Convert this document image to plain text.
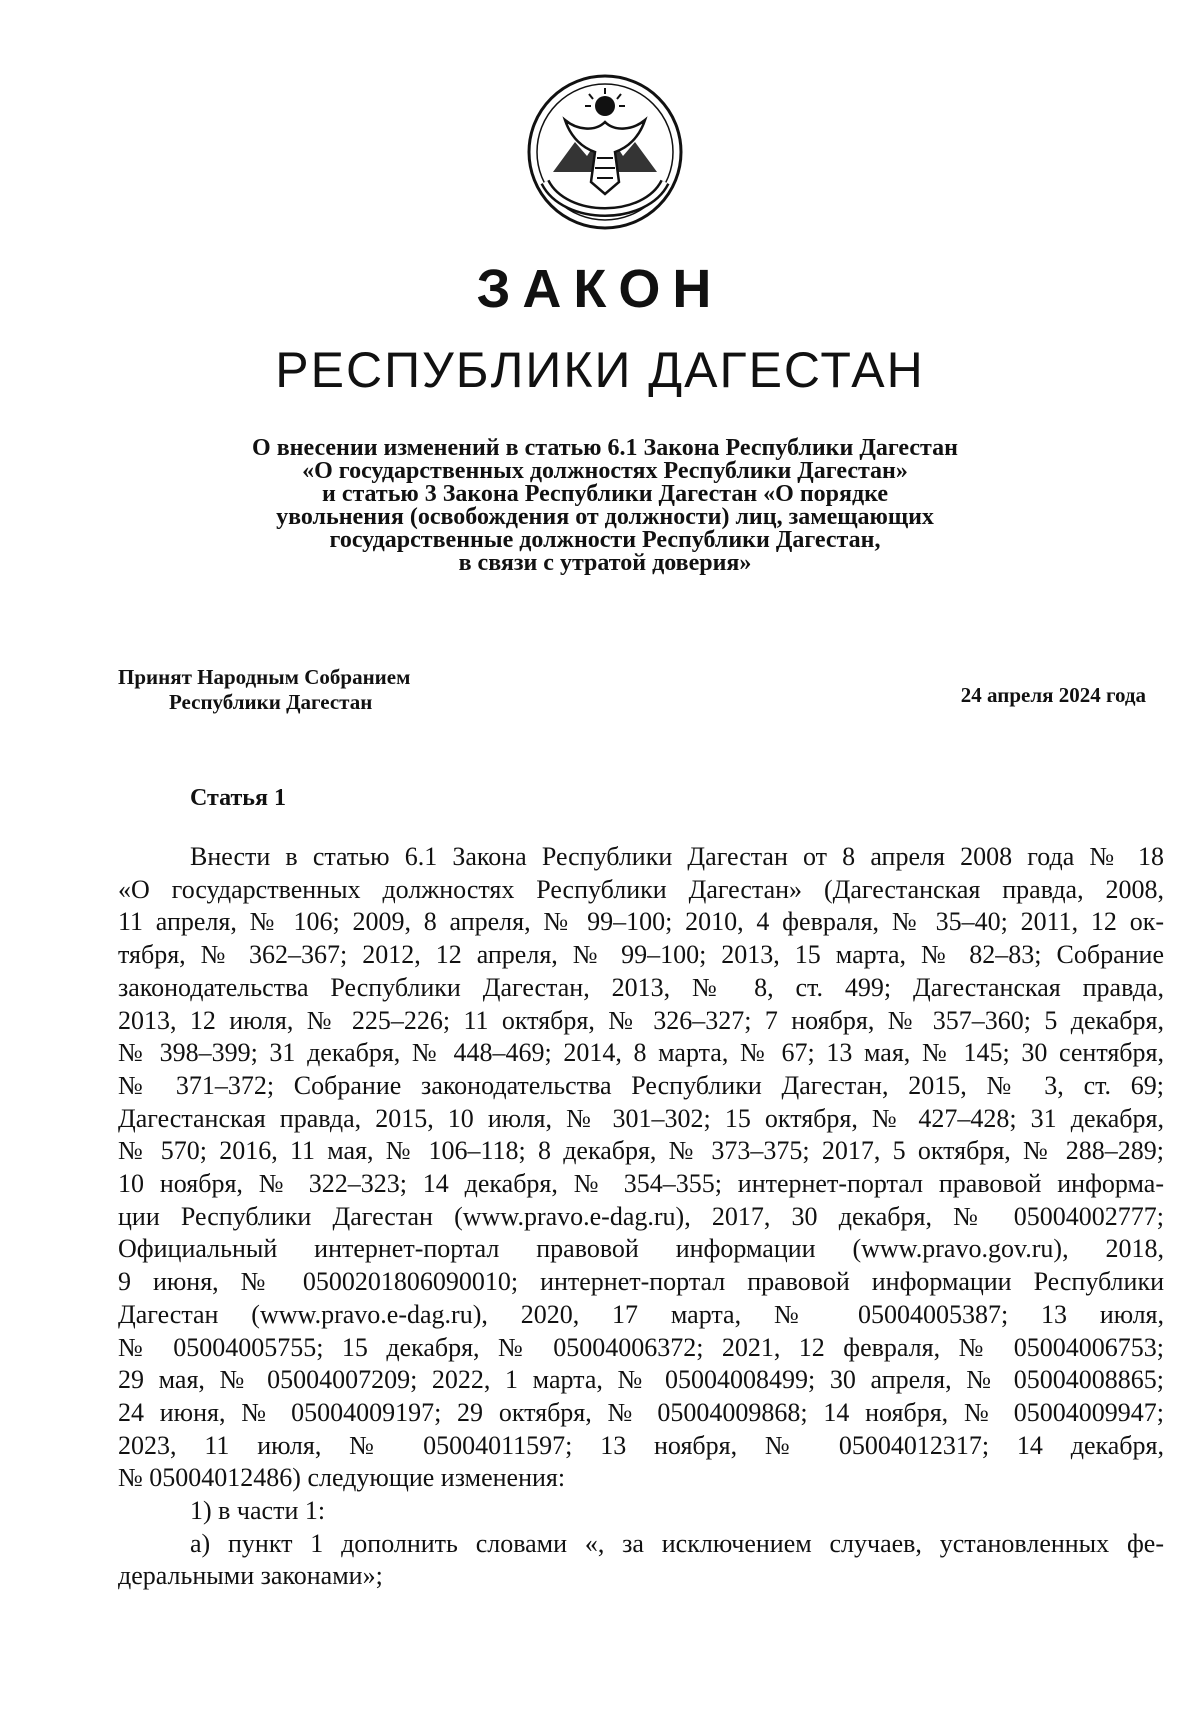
ЗАКОН
РЕСПУБЛИКИ ДАГЕСТАН
О внесении изменений в статью 6.1 Закона Республики Дагестан
«О государственных должностях Республики Дагестан»
и статью 3 Закона Республики Дагестан «О порядке
увольнения (освобождения от должности) лиц, замещающих
государственные должности Республики Дагестан,
в связи с утратой доверия»
Принят Народным Собранием
Республики Дагестан	24 апреля 2024 года
Статья 1
Внести в статью 6.1 Закона Республики Дагестан от 8 апреля 2008 года № 18
«О государственных должностях Республики Дагестан» (Дагестанская правда, 2008,
11 апреля, № 106; 2009, 8 апреля, № 99–100; 2010, 4 февраля, № 35–40; 2011, 12 ок-
тября, № 362–367; 2012, 12 апреля, № 99–100; 2013, 15 марта, № 82–83; Собрание
законодательства Республики Дагестан, 2013, № 8, ст. 499; Дагестанская правда,
2013, 12 июля, № 225–226; 11 октября, № 326–327; 7 ноября, № 357–360; 5 декабря,
№ 398–399; 31 декабря, № 448–469; 2014, 8 марта, № 67; 13 мая, № 145; 30 сентября,
№ 371–372; Собрание законодательства Республики Дагестан, 2015, № 3, ст. 69;
Дагестанская правда, 2015, 10 июля, № 301–302; 15 октября, № 427–428; 31 декабря,
№ 570; 2016, 11 мая, № 106–118; 8 декабря, № 373–375; 2017, 5 октября, № 288–289;
10 ноября, № 322–323; 14 декабря, № 354–355; интернет-портал правовой информа-
ции Республики Дагестан (www.pravo.e-dag.ru), 2017, 30 декабря, № 05004002777;
Официальный интернет-портал правовой информации (www.pravo.gov.ru), 2018,
9 июня, № 0500201806090010; интернет-портал правовой информации Республики
Дагестан (www.pravo.e-dag.ru), 2020, 17 марта, № 05004005387; 13 июля,
№ 05004005755; 15 декабря, № 05004006372; 2021, 12 февраля, № 05004006753;
29 мая, № 05004007209; 2022, 1 марта, № 05004008499; 30 апреля, № 05004008865;
24 июня, № 05004009197; 29 октября, № 05004009868; 14 ноября, № 05004009947;
2023, 11 июля, № 05004011597; 13 ноября, № 05004012317; 14 декабря,
№ 05004012486) следующие изменения:
1) в части 1:
а) пункт 1 дополнить словами «, за исключением случаев, установленных фе-
деральными законами»;
